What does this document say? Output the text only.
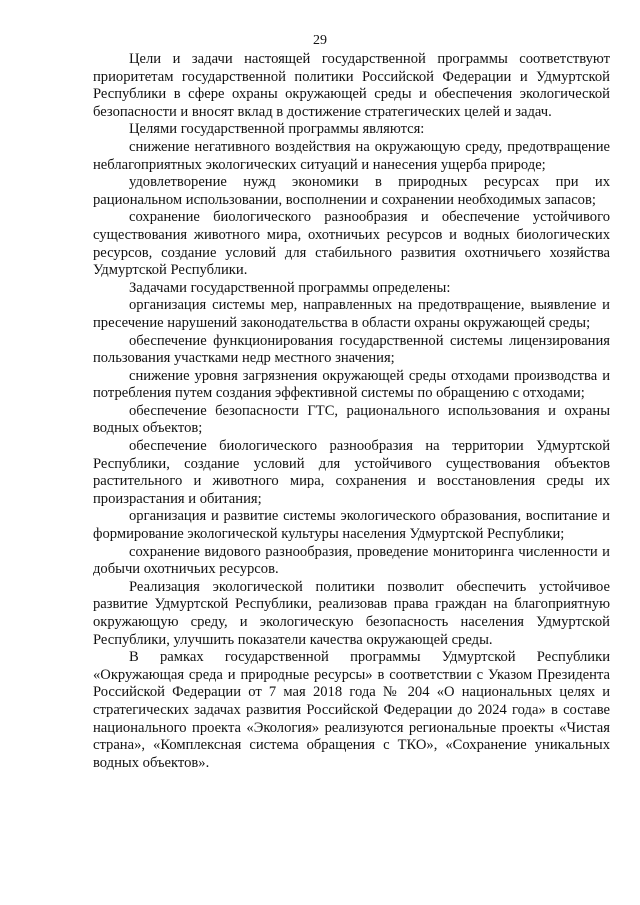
29

Цели и задачи настоящей государственной программы соответствуют приоритетам государственной политики Российской Федерации и Удмуртской Республики в сфере охраны окружающей среды и обеспечения экологической безопасности и вносят вклад в достижение стратегических целей и задач.

Целями государственной программы являются:

снижение негативного воздействия на окружающую среду, предотвращение неблагоприятных экологических ситуаций и нанесения ущерба природе;

удовлетворение нужд экономики в природных ресурсах при их рациональном использовании, восполнении и сохранении необходимых запасов;

сохранение биологического разнообразия и обеспечение устойчивого существования животного мира, охотничьих ресурсов и водных биологических ресурсов, создание условий для стабильного развития охотничьего хозяйства Удмуртской Республики.

Задачами государственной программы определены:

организация системы мер, направленных на предотвращение, выявление и пресечение нарушений законодательства в области охраны окружающей среды;

обеспечение функционирования государственной системы лицензирования пользования участками недр местного значения;

снижение уровня загрязнения окружающей среды отходами производства и потребления путем создания эффективной системы по обращению с отходами;

обеспечение безопасности ГТС, рационального использования и охраны водных объектов;

обеспечение биологического разнообразия на территории Удмуртской Республики, создание условий для устойчивого существования объектов растительного и животного мира, сохранения и восстановления среды их произрастания и обитания;

организация и развитие системы экологического образования, воспитание и формирование экологической культуры населения Удмуртской Республики;

сохранение видового разнообразия, проведение мониторинга численности и добычи охотничьих ресурсов.

Реализация экологической политики позволит обеспечить устойчивое развитие Удмуртской Республики, реализовав права граждан на благоприятную окружающую среду, и экологическую безопасность населения Удмуртской Республики, улучшить показатели качества окружающей среды.

В рамках государственной программы Удмуртской Республики «Окружающая среда и природные ресурсы» в соответствии с Указом Президента Российской Федерации от 7 мая 2018 года № 204 «О национальных целях и стратегических задачах развития Российской Федерации до 2024 года» в составе национального проекта «Экология» реализуются региональные проекты «Чистая страна», «Комплексная система обращения с ТКО», «Сохранение уникальных водных объектов».
